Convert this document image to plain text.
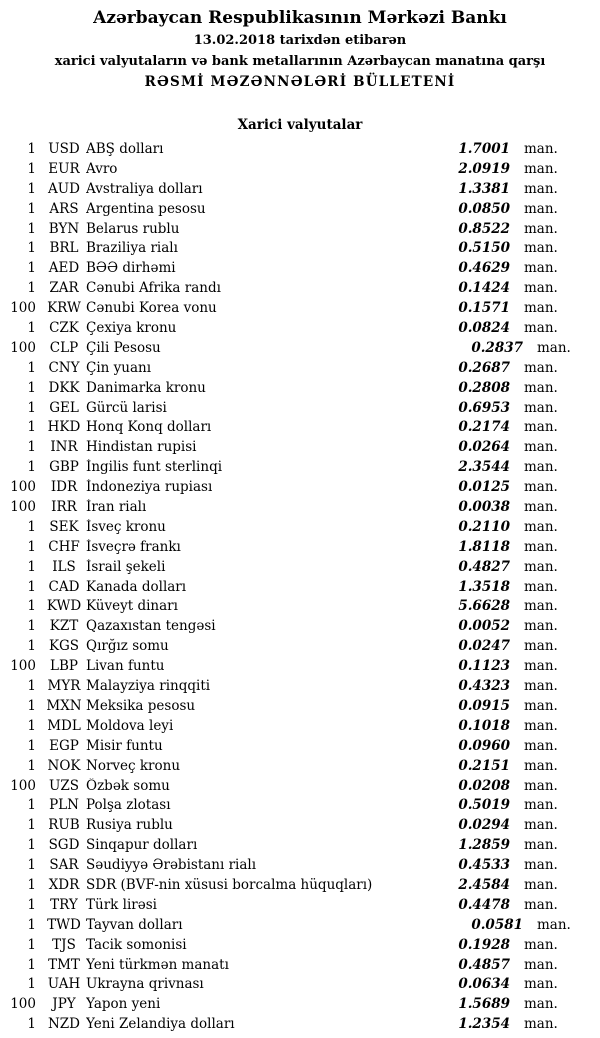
Azərbaycan Respublikasının Mərkəzi Bankı
13.02.2018 tarixdən etibarən
xarici valyutaların və bank metallarının Azərbaycan manatına qarşı
RƏSMİ MƏZƏNNƏLƏRİ BÜLLETENİ
Xarici valyutalar
1 USD ABŞ dolları	1.7001 man.
1 EUR Avro	2.0919 man.
1 AUD Avstraliya dolları	1.3381 man.
1 ARS Argentina pesosu	0.0850 man.
1 BYN Belarus rublu	0.8522 man.
1 BRL Braziliya rialı	0.5150 man.
1 AED BƏƏ dirhəmi	0.4629 man.
1 ZAR Cənubi Afrika randı	0.1424 man.
100 KRW Cənubi Korea vonu	0.1571 man.
1 CZK Çexiya kronu	0.0824 man.
100	CLP Çili Pesosu	0.2837 man.
1 CNY Çin yuanı	0.2687 man.
1 DKK Danimarka kronu	0.2808 man.
1 GEL Gürcü larisi	0.6953 man.
1 HKD Honq Konq dolları	0.2174 man.
1	INR Hindistan rupisi	0.0264 man.
1 GBP İngilis funt sterlinqi	2.3544 man.
100	IDR İndoneziya rupiası	0.0125 man.
100	IRR İran rialı	0.0038 man.
1 SEK İsveç kronu	0.2110 man.
1 CHF İsveçrə frankı	1.8118 man.
1	ILS İsrail şekeli	0.4827 man.
1 CAD Kanada dolları	1.3518 man.
1 KWD Küveyt dinarı	5.6628 man.
1	KZT Qazaxıstan tengəsi	0.0052 man.
1 KGS Qırğız somu	0.0247 man.
100	LBP Livan funtu	0.1123 man.
1 MYR Malayziya rinqqiti	0.4323 man.
1 MXN Meksika pesosu	0.0915 man.
1 MDL Moldova leyi	0.1018 man.
1 EGP Misir funtu	0.0960 man.
1 NOK Norveç kronu	0.2151 man.
100 UZS Özbək somu	0.0208 man.
1 PLN Polşa zlotası	0.5019 man.
1 RUB Rusiya rublu	0.0294 man.
1 SGD Sinqapur dolları	1.2859 man.
1 SAR Səudiyyə Ərəbistanı rialı	0.4533 man.
1 XDR SDR (BVF-nin xüsusi borcalma hüquqları)	2.4584 man.
1	TRY Türk lirəsi	0.4478 man.
1 TWD Tayvan dolları	0.0581 man.
1	TJS Tacik somonisi	0.1928 man.
1 TMT Yeni türkmən manatı	0.4857 man.
1 UAH Ukrayna qrivnası	0.0634 man.
100	JPY Yapon yeni	1.5689 man.
1 NZD Yeni Zelandiya dolları	1.2354 man.
